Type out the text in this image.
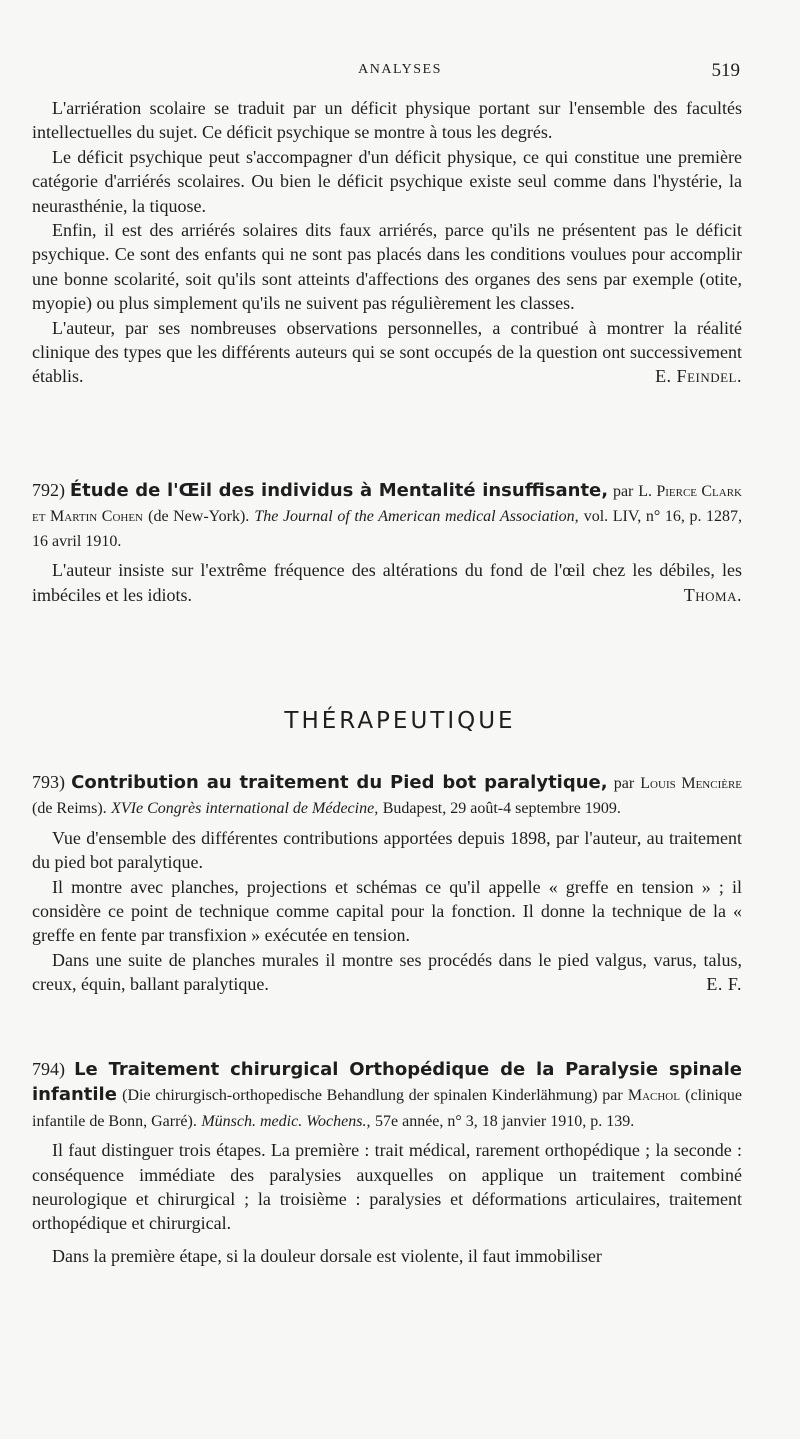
ANALYSES	519

L'arriération scolaire se traduit par un déficit physique portant sur l'ensemble des facultés intellectuelles du sujet. Ce déficit psychique se montre à tous les degrés.

Le déficit psychique peut s'accompagner d'un déficit physique, ce qui constitue une première catégorie d'arriérés scolaires. Ou bien le déficit psychique existe seul comme dans l'hystérie, la neurasthénie, la tiquose.

Enfin, il est des arriérés solaires dits faux arriérés, parce qu'ils ne présentent pas le déficit psychique. Ce sont des enfants qui ne sont pas placés dans les conditions voulues pour accomplir une bonne scolarité, soit qu'ils sont atteints d'affections des organes des sens par exemple (otite, myopie) ou plus simplement qu'ils ne suivent pas régulièrement les classes.

L'auteur, par ses nombreuses observations personnelles, a contribué à montrer la réalité clinique des types que les différents auteurs qui se sont occupés de la question ont successivement établis.	E. Feindel.

792) Étude de l'Œil des individus à Mentalité insuffisante, par L. Pierce Clark et Martin Cohen (de New-York). The Journal of the American medical Association, vol. LIV, n° 16, p. 1287, 16 avril 1910.

L'auteur insiste sur l'extrême fréquence des altérations du fond de l'œil chez les débiles, les imbéciles et les idiots.	Thoma.

THÉRAPEUTIQUE

793) Contribution au traitement du Pied bot paralytique, par Louis Mencière (de Reims). XVIe Congrès international de Médecine, Budapest, 29 août-4 septembre 1909.

Vue d'ensemble des différentes contributions apportées depuis 1898, par l'auteur, au traitement du pied bot paralytique.

Il montre avec planches, projections et schémas ce qu'il appelle « greffe en tension » ; il considère ce point de technique comme capital pour la fonction. Il donne la technique de la « greffe en fente par transfixion » exécutée en tension.

Dans une suite de planches murales il montre ses procédés dans le pied valgus, varus, talus, creux, équin, ballant paralytique.	E. F.

794) Le Traitement chirurgical Orthopédique de la Paralysie spinale infantile (Die chirurgisch-orthopedische Behandlung der spinalen Kinderlähmung) par Machol (clinique infantile de Bonn, Garré). Münsch. medic. Wochens., 57e année, n° 3, 18 janvier 1910, p. 139.

Il faut distinguer trois étapes. La première : trait médical, rarement orthopédique ; la seconde : conséquence immédiate des paralysies auxquelles on applique un traitement combiné neurologique et chirurgical ; la troisième : paralysies et déformations articulaires, traitement orthopédique et chirurgical.

Dans la première étape, si la douleur dorsale est violente, il faut immobiliser
